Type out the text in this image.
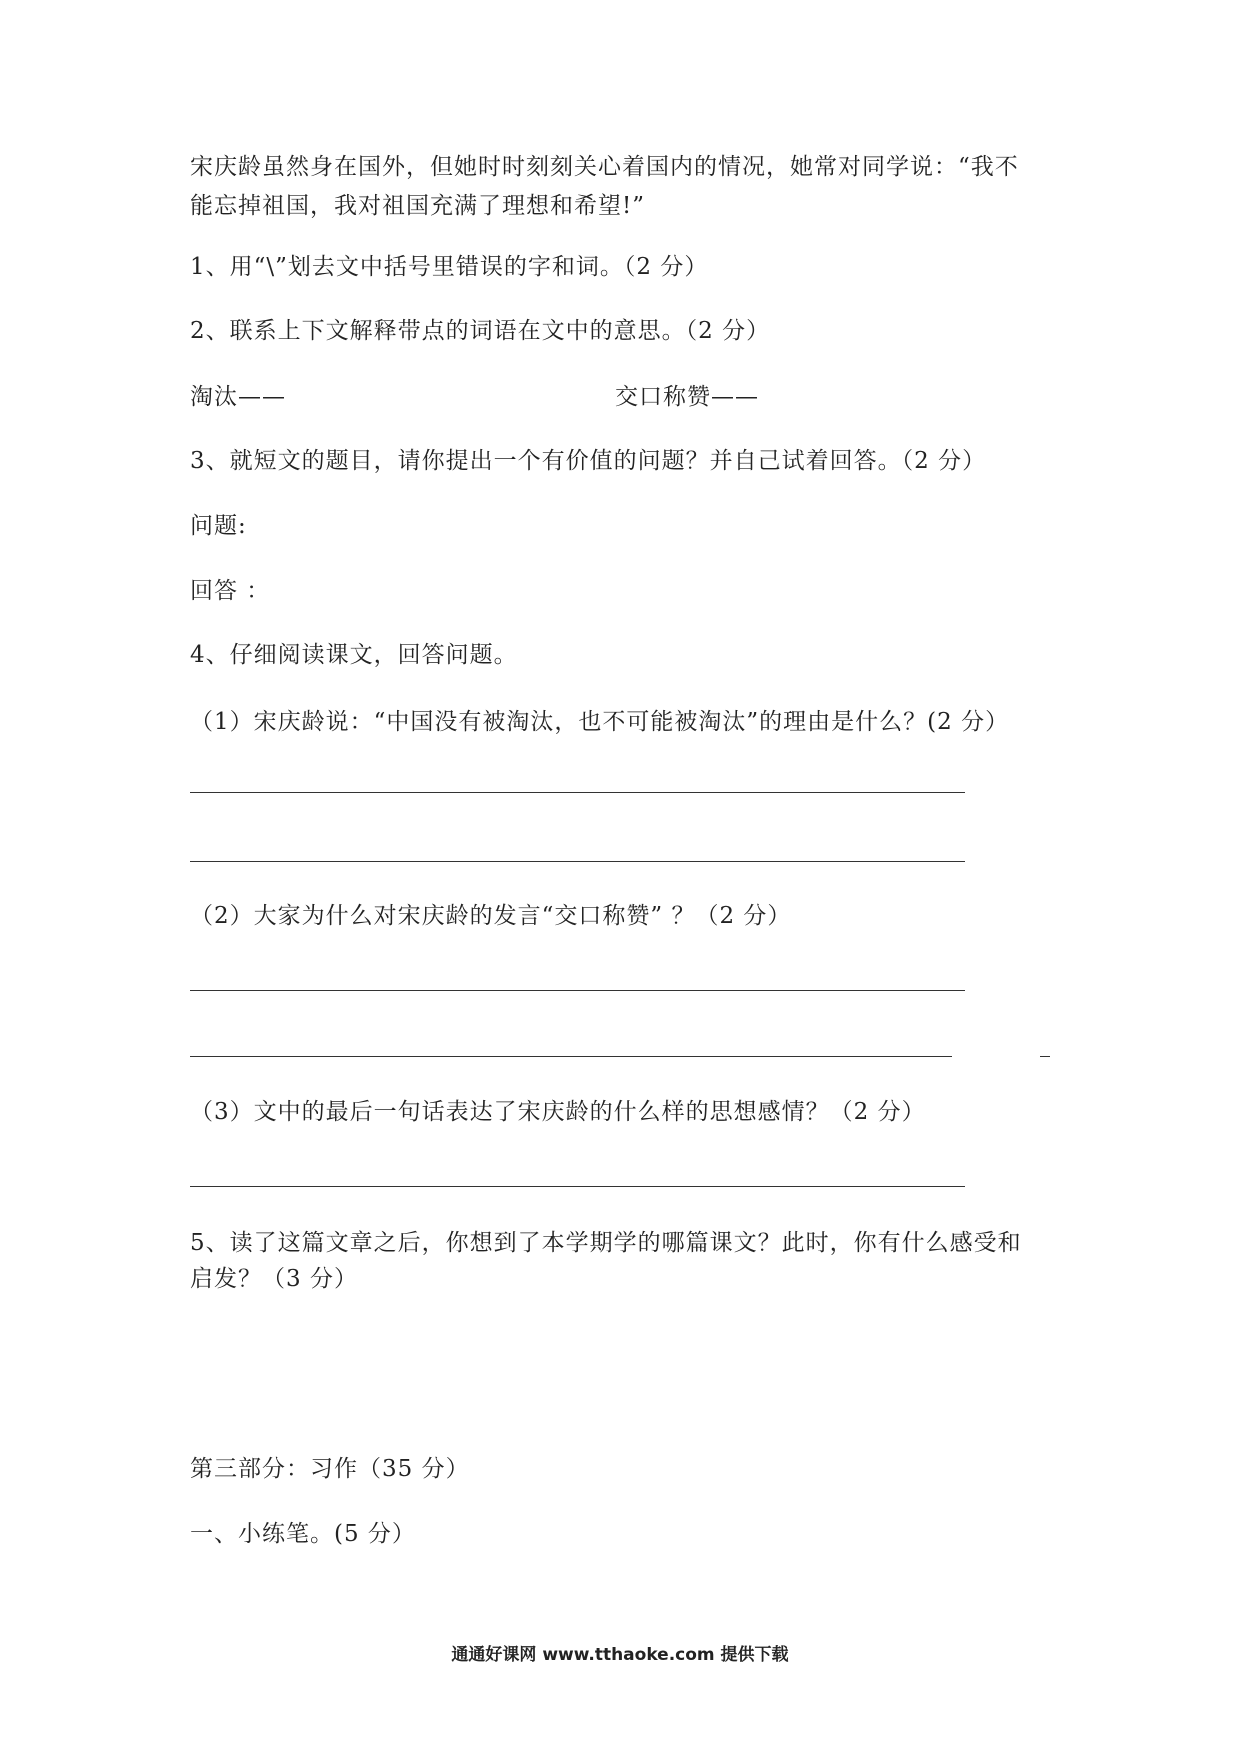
宋庆龄虽然身在国外，但她时时刻刻关心着国内的情况，她常对同学说：“我不
能忘掉祖国，我对祖国充满了理想和希望!”
1、用“\”划去文中括号里错误的字和词。（2 分）
2、联系上下文解释带点的词语在文中的意思。（2 分）
淘汰——	交口称赞——
3、就短文的题目，请你提出一个有价值的问题？并自己试着回答。（2 分）
问题:
回答 ：
4、仔细阅读课文，回答问题。
（1）宋庆龄说：“中国没有被淘汰，也不可能被淘汰”的理由是什么？(2 分）
（2）大家为什么对宋庆龄的发言“交口称赞” ？（2 分）
（3）文中的最后一句话表达了宋庆龄的什么样的思想感情？（2 分）
5、读了这篇文章之后，你想到了本学期学的哪篇课文？此时，你有什么感受和
启发？（3 分）
第三部分：习作（35 分）
一、小练笔。(5 分）
通通好课网 www.tthaoke.com 提供下载
